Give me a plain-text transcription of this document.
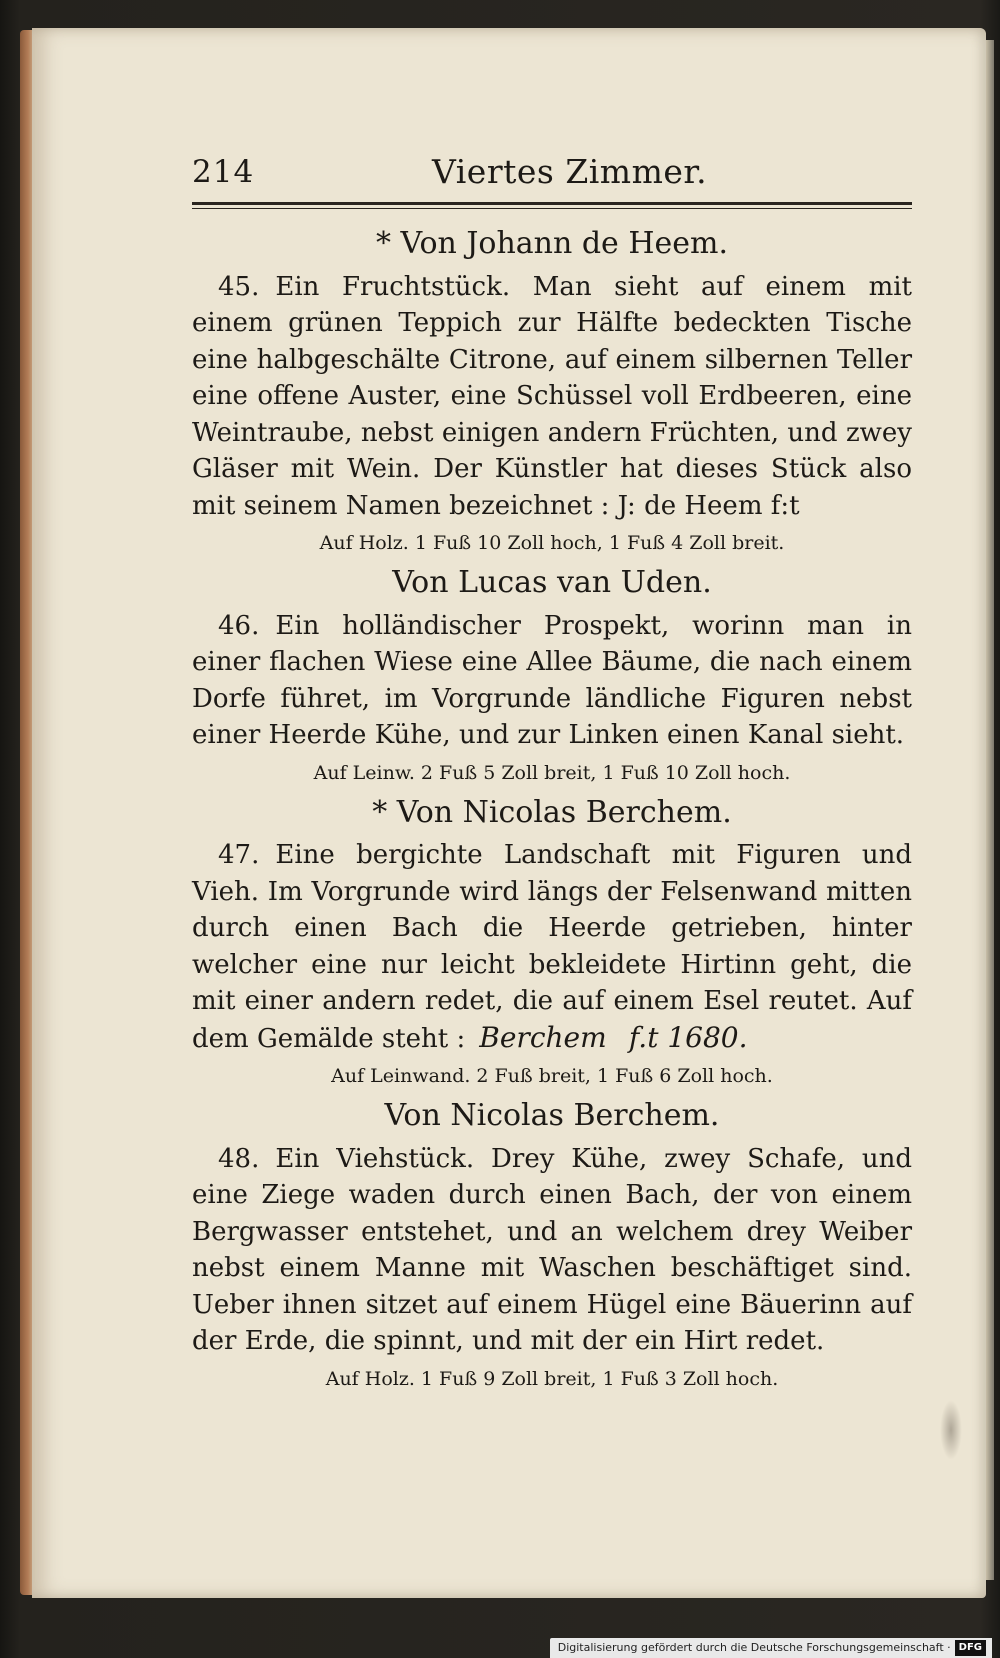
214	Viertes Zimmer.
* Von Johann de Heem.

45. Ein Fruchtstück. Man sieht auf einem mit einem grünen Teppich zur Hälfte bedeckten Tische eine halbgeschälte Citrone, auf einem silbernen Teller eine offene Auster, eine Schüssel voll Erdbeeren, eine Weintraube, nebst einigen andern Früchten, und zwey Gläser mit Wein. Der Künstler hat dieses Stück also mit seinem Namen bezeichnet : J: de Heem f:t

Auf Holz. 1 Fuß 10 Zoll hoch, 1 Fuß 4 Zoll breit.
Von Lucas van Uden.

46. Ein holländischer Prospekt, worinn man in einer flachen Wiese eine Allee Bäume, die nach einem Dorfe führet, im Vorgrunde ländliche Figuren nebst einer Heerde Kühe, und zur Linken einen Kanal sieht.

Auf Leinw. 2 Fuß 5 Zoll breit, 1 Fuß 10 Zoll hoch.
* Von Nicolas Berchem.

47. Eine bergichte Landschaft mit Figuren und Vieh. Im Vorgrunde wird längs der Felsenwand mitten durch einen Bach die Heerde getrieben, hinter welcher eine nur leicht bekleidete Hirtinn geht, die mit einer andern redet, die auf einem Esel reutet. Auf dem Gemälde steht : Berchem f.t 1680.

Auf Leinwand. 2 Fuß breit, 1 Fuß 6 Zoll hoch.
Von Nicolas Berchem.

48. Ein Viehstück. Drey Kühe, zwey Schafe, und eine Ziege waden durch einen Bach, der von einem Bergwasser entstehet, und an welchem drey Weiber nebst einem Manne mit Waschen beschäftiget sind. Ueber ihnen sitzet auf einem Hügel eine Bäuerinn auf der Erde, die spinnt, und mit der ein Hirt redet.

Auf Holz. 1 Fuß 9 Zoll breit, 1 Fuß 3 Zoll hoch.
Digitalisierung gefördert durch die Deutsche Forschungsgemeinschaft · DFG
